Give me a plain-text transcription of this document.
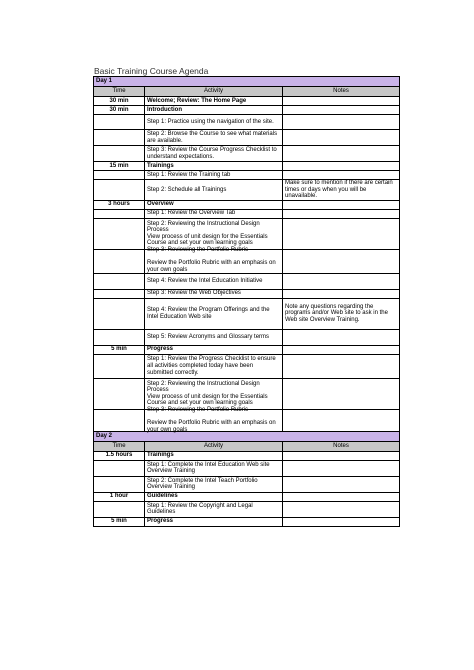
Basic Training Course Agenda
Day 1		
Time	Activity	Notes
30 min	Welcome; Review: The Home Page	

30 min	Introduction	

	Step 1: Practice using the navigation of the site.	

	Step 2: Browse the Course to see what materials are available.	

	Step 3: Review the Course Progress Checklist to understand expectations.	

15 min	Trainings	

	Step 1: Review the Training tab	

	Step 2: Schedule all Trainings	Make sure to mention if there are certain times or days when you will be unavailable.
3 hours	Overview	

	Step 1: Review the Overview Tab	

	Step 2: Reviewing the Instructional Design Process
View process of unit design for the Essentials Course and set your own learning goals	

	Step 3: Reviewing the Portfolio Rubric

Review the Portfolio Rubric with an emphasis on your own goals	

	Step 4: Review the Intel Education Initiative	

	Step 3: Review the Web Objectives	

	Step 4: Review the Program Offerings and the Intel Education Web site	Note any questions regarding the programs and/or Web site to ask in the Web site Overview Training.

	Step 5: Review Acronyms and Glossary terms	

5 min	Progress	

	Step 1: Review the Progress Checklist to ensure all activities completed today have been submitted correctly.	

	Step 2: Reviewing the Instructional Design Process
View process of unit design for the Essentials Course and set your own learning goals	

	Step 3: Reviewing the Portfolio Rubric

Review the Portfolio Rubric with an emphasis on your own goals	

Day 2		
Time	Activity	Notes
1.5 hours	Trainings	

	Step 1: Complete the Intel Education Web site Overview Training	

	Step 2: Complete the Intel Teach Portfolio Overview Training	

1 hour	Guidelines	

	Step 1: Review the Copyright and Legal Guidelines	

5 min	Progress	
